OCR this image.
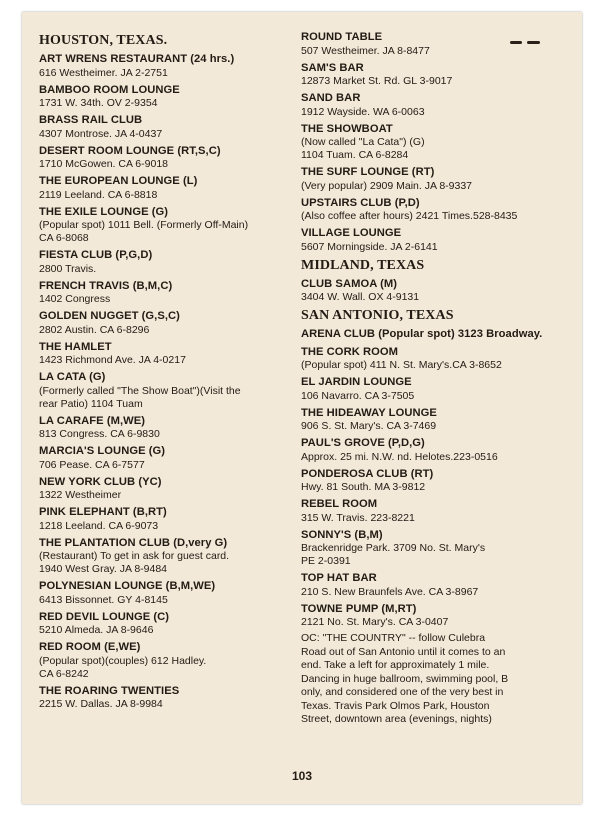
HOUSTON, TEXAS.
ART WRENS RESTAURANT (24 hrs.)
616 Westheimer. JA 2-2751
BAMBOO ROOM LOUNGE
1731 W. 34th. OV 2-9354
BRASS RAIL CLUB
4307 Montrose. JA 4-0437
DESERT ROOM LOUNGE (RT,S,C)
1710 McGowen. CA 6-9018
THE EUROPEAN LOUNGE (L)
2119 Leeland. CA 6-8818
THE EXILE LOUNGE (G)
(Popular spot) 1011 Bell. (Formerly Off-Main)
CA 6-8068
FIESTA CLUB (P,G,D)
2800 Travis.
FRENCH TRAVIS (B,M,C)
1402 Congress
GOLDEN NUGGET (G,S,C)
2802 Austin. CA 6-8296
THE HAMLET
1423 Richmond Ave. JA 4-0217
LA CATA (G)
(Formerly called "The Show Boat")(Visit the
rear Patio) 1104 Tuam
LA CARAFE (M,WE)
813 Congress. CA 6-9830
MARCIA'S LOUNGE (G)
706 Pease. CA 6-7577
NEW YORK CLUB (YC)
1322 Westheimer
PINK ELEPHANT (B,RT)
1218 Leeland. CA 6-9073
THE PLANTATION CLUB (D,very G)
(Restaurant) To get in ask for guest card.
1940 West Gray. JA 8-9484
POLYNESIAN LOUNGE (B,M,WE)
6413 Bissonnet. GY 4-8145
RED DEVIL LOUNGE (C)
5210 Almeda. JA 8-9646
RED ROOM (E,WE)
(Popular spot)(couples) 612 Hadley.
CA 6-8242
THE ROARING TWENTIES
2215 W. Dallas. JA 8-9984
ROUND TABLE
507 Westheimer. JA 8-8477
SAM'S BAR
12873 Market St. Rd. GL 3-9017
SAND BAR
1912 Wayside. WA 6-0063
THE SHOWBOAT
(Now called "La Cata") (G)
1104 Tuam. CA 6-8284
THE SURF LOUNGE (RT)
(Very popular) 2909 Main. JA 8-9337
UPSTAIRS CLUB (P,D)
(Also coffee after hours) 2421 Times.528-8435
VILLAGE LOUNGE
5607 Morningside. JA 2-6141
MIDLAND, TEXAS
CLUB SAMOA (M)
3404 W. Wall. OX 4-9131
SAN ANTONIO, TEXAS
ARENA CLUB (Popular spot) 3123 Broadway.
THE CORK ROOM
(Popular spot) 411 N. St. Mary's.CA 3-8652
EL JARDIN LOUNGE
106 Navarro. CA 3-7505
THE HIDEAWAY LOUNGE
906 S. St. Mary's. CA 3-7469
PAUL'S GROVE (P,D,G)
Approx. 25 mi. N.W. nd. Helotes.223-0516
PONDEROSA CLUB (RT)
Hwy. 81 South. MA 3-9812
REBEL ROOM
315 W. Travis. 223-8221
SONNY'S (B,M)
Brackenridge Park. 3709 No. St. Mary's
PE 2-0391
TOP HAT BAR
210 S. New Braunfels Ave. CA 3-8967
TOWNE PUMP (M,RT)
2121 No. St. Mary's. CA 3-0407
OC: "THE COUNTRY" -- follow Culebra
Road out of San Antonio until it comes to an
end. Take a left for approximately 1 mile.
Dancing in huge ballroom, swimming pool, B
only, and considered one of the very best in
Texas. Travis Park Olmos Park, Houston
Street, downtown area (evenings, nights)
103
